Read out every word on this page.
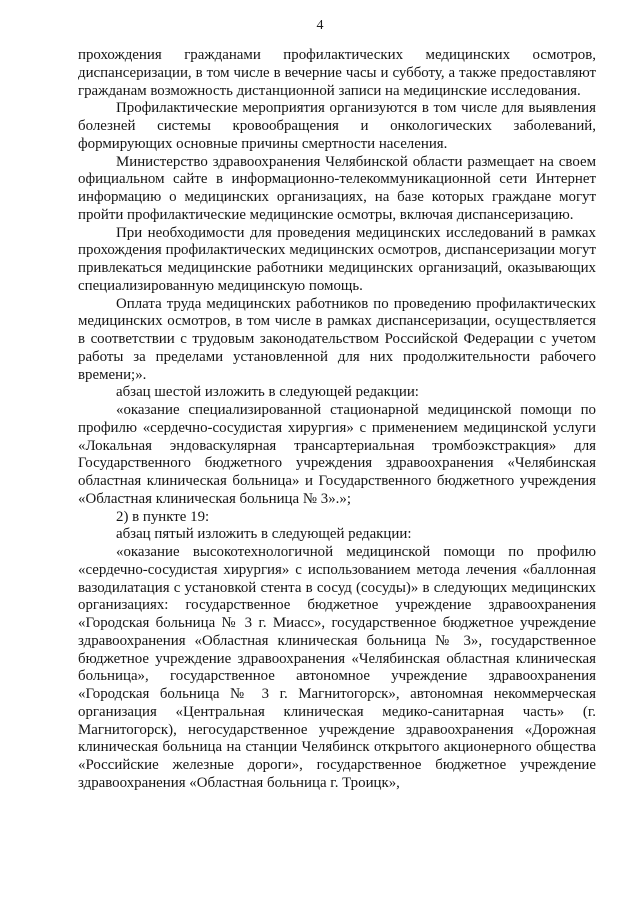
4

прохождения гражданами профилактических медицинских осмотров, диспансеризации, в том числе в вечерние часы и субботу, а также предоставляют гражданам возможность дистанционной записи на медицинские исследования.

Профилактические мероприятия организуются в том числе для выявления болезней системы кровообращения и онкологических заболеваний, формирующих основные причины смертности населения.

Министерство здравоохранения Челябинской области размещает на своем официальном сайте в информационно-телекоммуникационной сети Интернет информацию о медицинских организациях, на базе которых граждане могут пройти профилактические медицинские осмотры, включая диспансеризацию.

При необходимости для проведения медицинских исследований в рамках прохождения профилактических медицинских осмотров, диспансеризации могут привлекаться медицинские работники медицинских организаций, оказывающих специализированную медицинскую помощь.

Оплата труда медицинских работников по проведению профилактических медицинских осмотров, в том числе в рамках диспансеризации, осуществляется в соответствии с трудовым законодательством Российской Федерации с учетом работы за пределами установленной для них продолжительности рабочего времени;».

абзац шестой изложить в следующей редакции:

«оказание специализированной стационарной медицинской помощи по профилю «сердечно-сосудистая хирургия» с применением медицинской услуги «Локальная эндоваскулярная трансартериальная тромбоэкстракция» для Государственного бюджетного учреждения здравоохранения «Челябинская областная клиническая больница» и Государственного бюджетного учреждения «Областная клиническая больница № 3».»;

2) в пункте 19:

абзац пятый изложить в следующей редакции:

«оказание высокотехнологичной медицинской помощи по профилю «сердечно-сосудистая хирургия» с использованием метода лечения «баллонная вазодилатация с установкой стента в сосуд (сосуды)» в следующих медицинских организациях: государственное бюджетное учреждение здравоохранения «Городская больница № 3 г. Миасс», государственное бюджетное учреждение здравоохранения «Областная клиническая больница № 3», государственное бюджетное учреждение здравоохранения «Челябинская областная клиническая больница», государственное автономное учреждение здравоохранения «Городская больница № 3 г. Магнитогорск», автономная некоммерческая организация «Центральная клиническая медико-санитарная часть» (г. Магнитогорск), негосударственное учреждение здравоохранения «Дорожная клиническая больница на станции Челябинск открытого акционерного общества «Российские железные дороги», государственное бюджетное учреждение здравоохранения «Областная больница г. Троицк»,
